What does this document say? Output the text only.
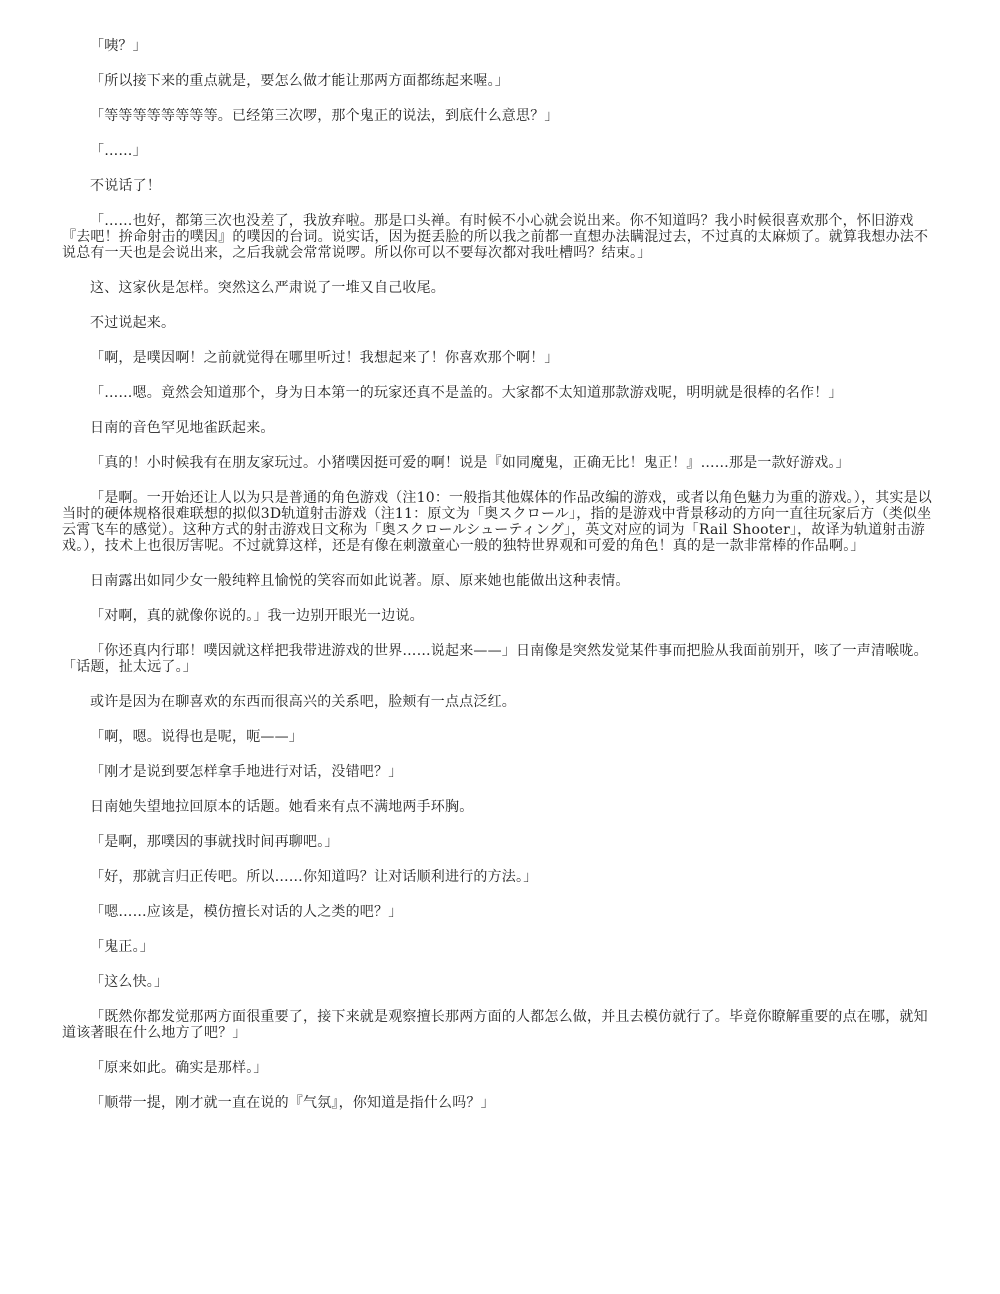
「咦？」

「所以接下来的重点就是，要怎么做才能让那两方面都练起来喔。」

「等等等等等等等等。已经第三次啰，那个鬼正的说法，到底什么意思？」

「……」

不说话了！

「……也好，都第三次也没差了，我放弃啦。那是口头禅。有时候不小心就会说出来。你不知道吗？我小时候很喜欢那个，怀旧游戏『去吧！拚命射击的噗因』的噗因的台词。说实话，因为挺丢脸的所以我之前都一直想办法瞒混过去，不过真的太麻烦了。就算我想办法不说总有一天也是会说出来，之后我就会常常说啰。所以你可以不要每次都对我吐槽吗？结束。」

这、这家伙是怎样。突然这么严肃说了一堆又自己收尾。

不过说起来。

「啊，是噗因啊！之前就觉得在哪里听过！我想起来了！你喜欢那个啊！」

「……嗯。竟然会知道那个，身为日本第一的玩家还真不是盖的。大家都不太知道那款游戏呢，明明就是很棒的名作！」

日南的音色罕见地雀跃起来。

「真的！小时候我有在朋友家玩过。小猪噗因挺可爱的啊！说是『如同魔鬼，正确无比！鬼正！』……那是一款好游戏。」

「是啊。一开始还让人以为只是普通的角色游戏（注10：一般指其他媒体的作品改编的游戏，或者以角色魅力为重的游戏。），其实是以当时的硬体规格很难联想的拟似3D轨道射击游戏（注11：原文为「奥スクロール」，指的是游戏中背景移动的方向一直往玩家后方（类似坐云霄飞车的感觉）。这种方式的射击游戏日文称为「奥スクロールシューティング」，英文对应的词为「Rail Shooter」，故译为轨道射击游戏。），技术上也很厉害呢。不过就算这样，还是有像在刺激童心一般的独特世界观和可爱的角色！真的是一款非常棒的作品啊。」

日南露出如同少女一般纯粹且愉悦的笑容而如此说著。原、原来她也能做出这种表情。

「对啊，真的就像你说的。」我一边别开眼光一边说。

「你还真内行耶！噗因就这样把我带进游戏的世界……说起来——」日南像是突然发觉某件事而把脸从我面前别开，咳了一声清喉咙。「话题，扯太远了。」

或许是因为在聊喜欢的东西而很高兴的关系吧，脸颊有一点点泛红。

「啊，嗯。说得也是呢，呃——」

「刚才是说到要怎样拿手地进行对话，没错吧？」

日南她失望地拉回原本的话题。她看来有点不满地两手环胸。

「是啊，那噗因的事就找时间再聊吧。」

「好，那就言归正传吧。所以……你知道吗？让对话顺利进行的方法。」

「嗯……应该是，模仿擅长对话的人之类的吧？」

「鬼正。」

「这么快。」

「既然你都发觉那两方面很重要了，接下来就是观察擅长那两方面的人都怎么做，并且去模仿就行了。毕竟你瞭解重要的点在哪，就知道该著眼在什么地方了吧？」

「原来如此。确实是那样。」

「顺带一提，刚才就一直在说的『气氛』，你知道是指什么吗？」
